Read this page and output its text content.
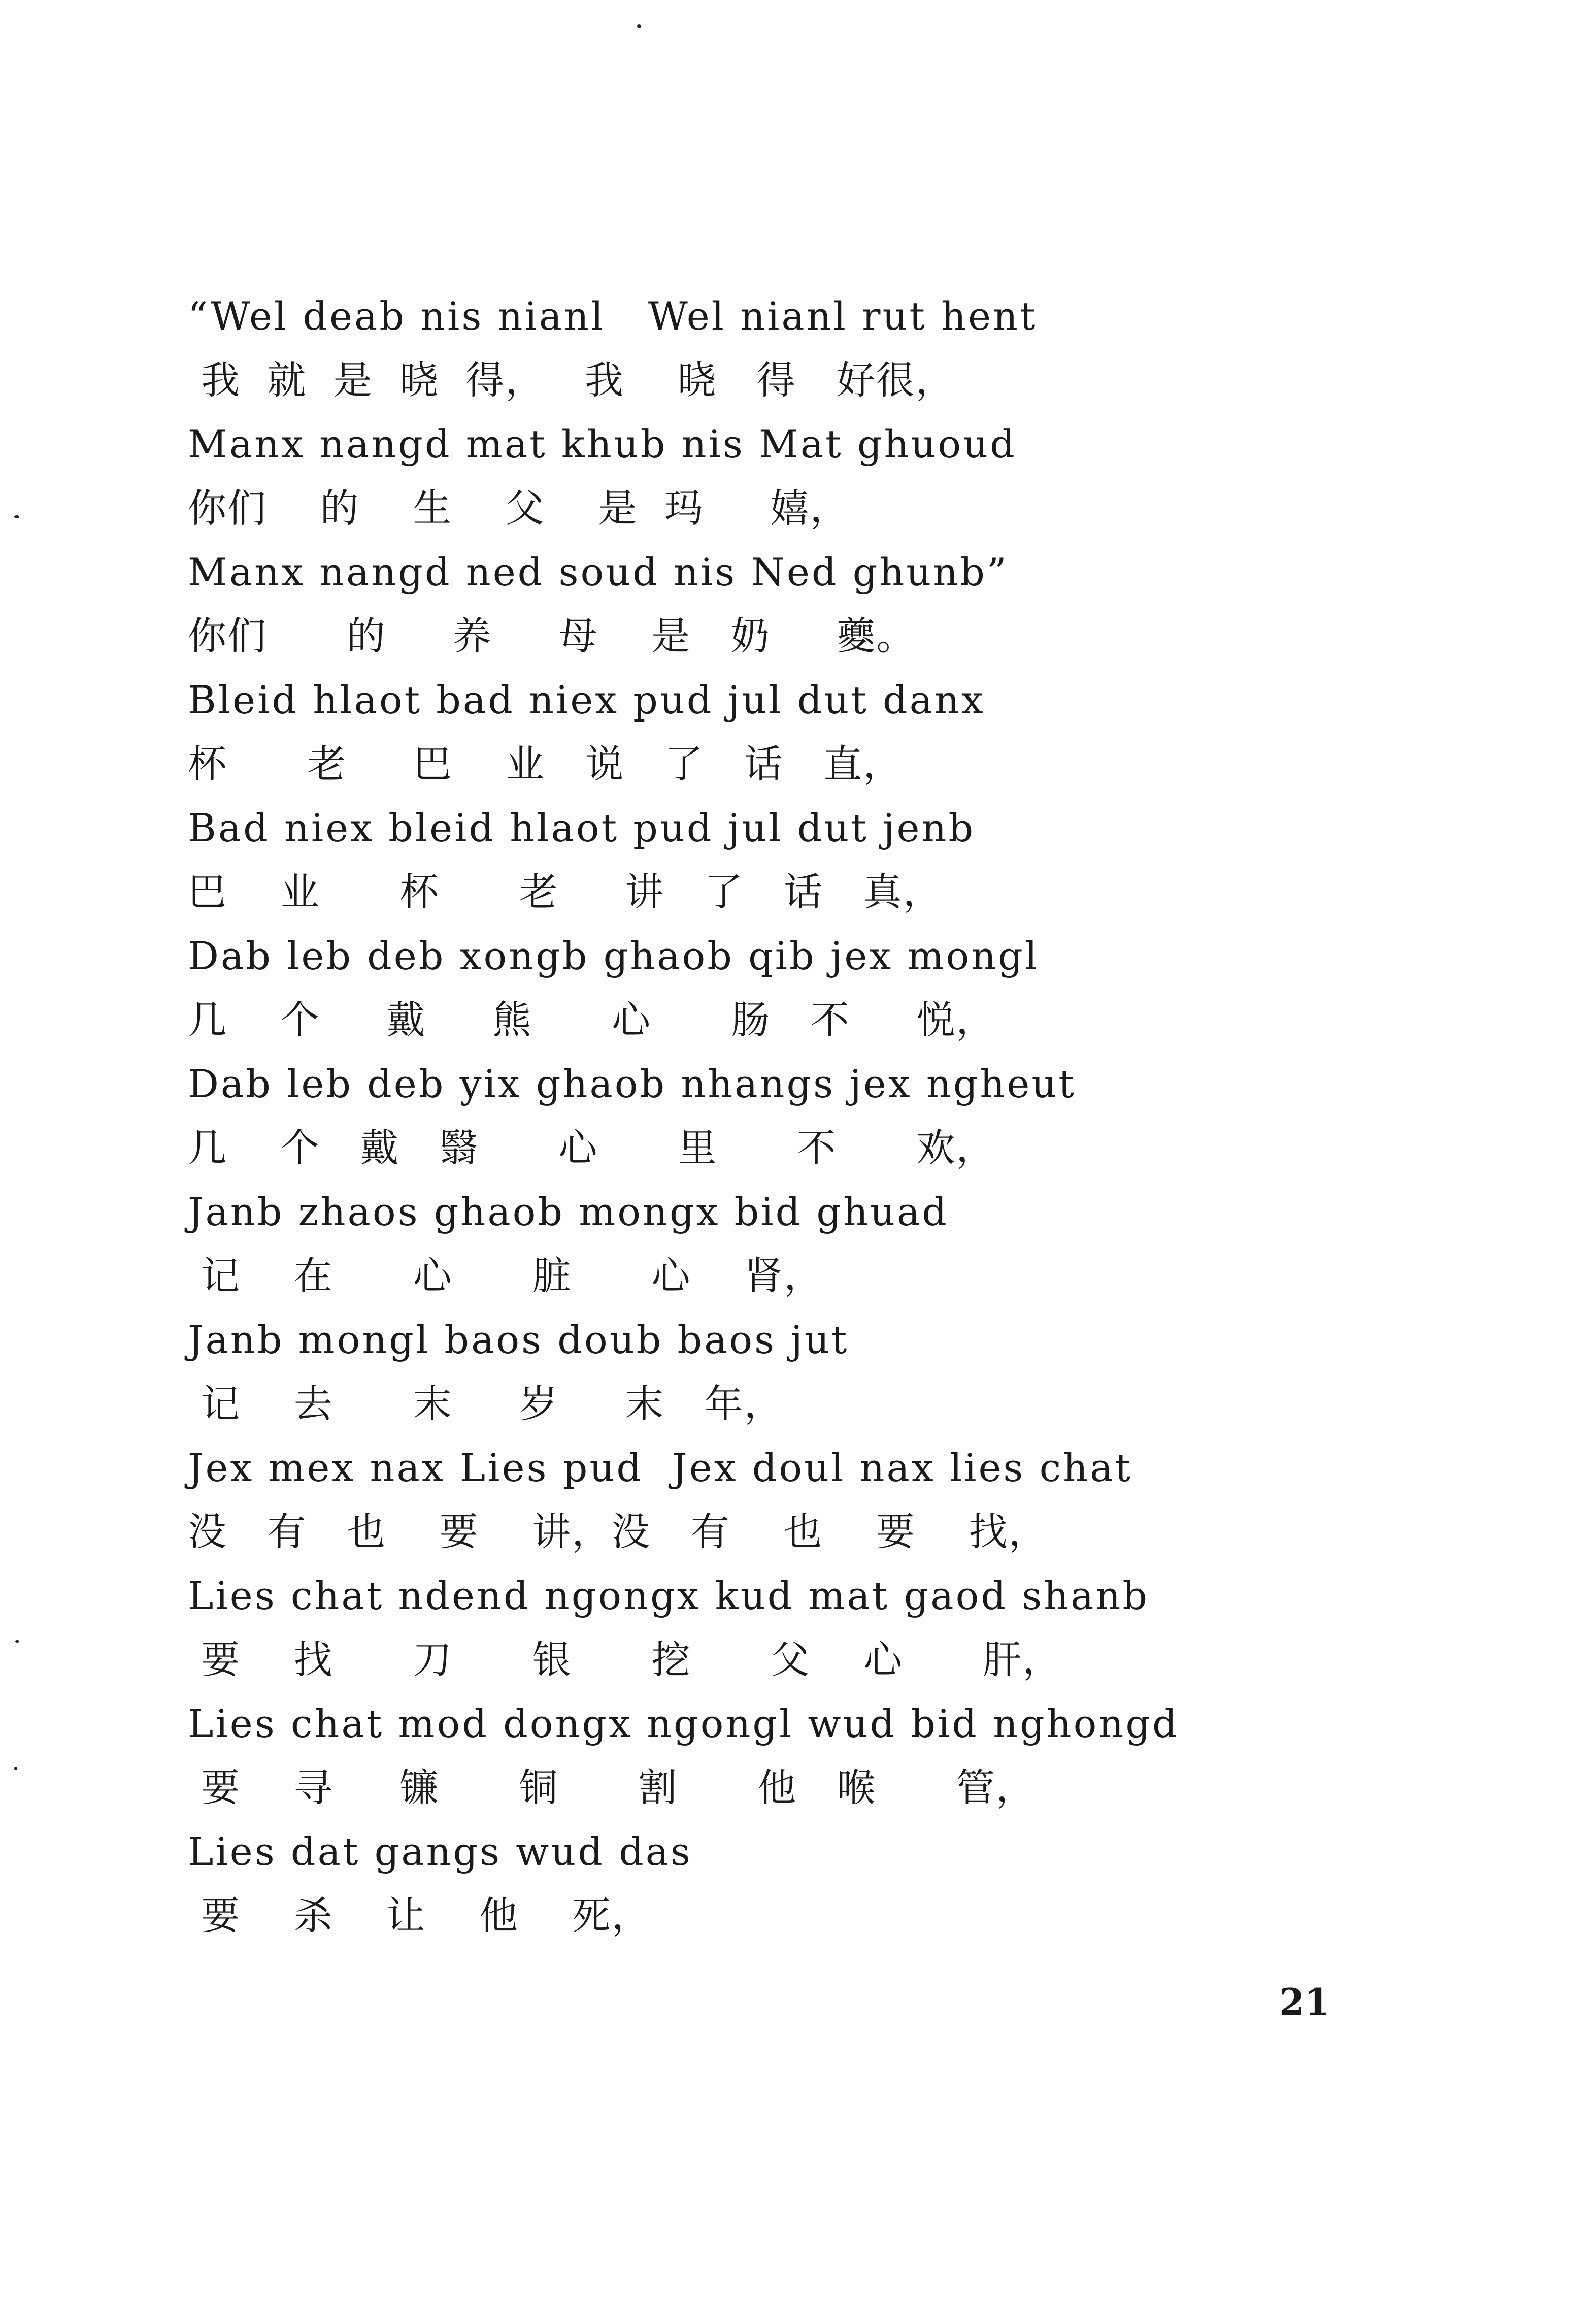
“Wel deab nis nianl   Wel nianl rut hent
我  就  是  晓  得，   我    晓   得   好很，
Manx nangd mat khub nis Mat ghuoud
你们    的    生    父    是  玛     嬉，
Manx nangd ned soud nis Ned ghunb”
你们      的     养     母    是   奶     夔。
Bleid hlaot bad niex pud jul dut danx
杯      老     巴    业   说   了   话   直，
Bad niex bleid hlaot pud jul dut jenb
巴    业      杯      老     讲   了   话   真，
Dab leb deb xongb ghaob qib jex mongl
几    个     戴     熊      心      肠   不     悦，
Dab leb deb yix ghaob nhangs jex ngheut
几    个   戴   翳      心      里      不      欢，
Janb zhaos ghaob mongx bid ghuad
记    在      心      脏      心    肾，
Janb mongl baos doub baos jut
记    去      末     岁     末   年，
Jex mex nax Lies pud  Jex doul nax lies chat
没   有   也    要    讲，没   有    也    要    找，
Lies chat ndend ngongx kud mat gaod shanb
要    找      刀      银      挖      父    心      肝，
Lies chat mod dongx ngongl wud bid nghongd
要    寻     镰      铜      割      他   喉      管，
Lies dat gangs wud das
要    杀    让    他    死，
21
